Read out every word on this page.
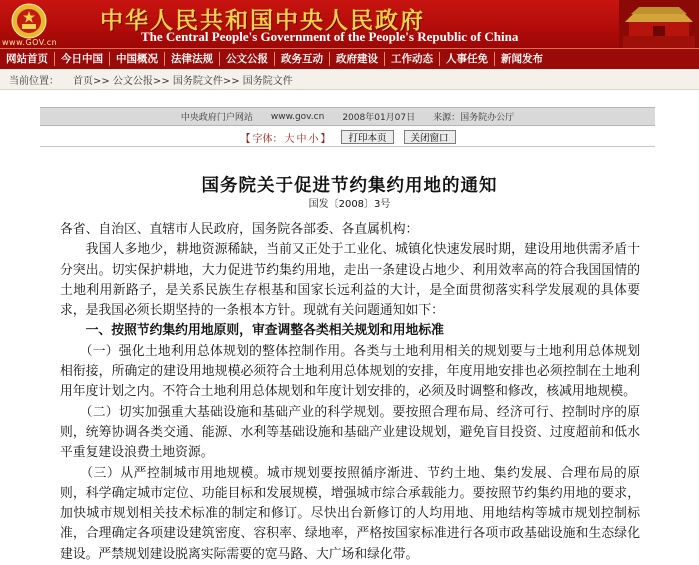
www.GOV.cn
中华人民共和国中央人民政府
The Central People's Government of the People's Republic of China
网站首页	今日中国	中国概况	法律法规	公文公报	政务互动	政府建设	工作动态	人事任免	新闻发布
当前位置： 首页>> 公文公报>> 国务院文件>> 国务院文件
中央政府门户网站 www.gov.cn 2008年01月07日 来源：国务院办公厅
【 字体： 大 中 小 】	打印本页	关闭窗口
国务院关于促进节约集约用地的通知
国发〔2008〕3号

各省、自治区、直辖市人民政府，国务院各部委、各直属机构：

　　我国人多地少，耕地资源稀缺，当前又正处于工业化、城镇化快速发展时期，建设用地供需矛盾十分突出。切实保护耕地，大力促进节约集约用地，走出一条建设占地少、利用效率高的符合我国国情的土地利用新路子，是关系民族生存根基和国家长远利益的大计，是全面贯彻落实科学发展观的具体要求，是我国必须长期坚持的一条根本方针。现就有关问题通知如下：

　　一、按照节约集约用地原则，审查调整各类相关规划和用地标准

　　（一）强化土地利用总体规划的整体控制作用。各类与土地利用相关的规划要与土地利用总体规划相衔接，所确定的建设用地规模必须符合土地利用总体规划的安排，年度用地安排也必须控制在土地利用年度计划之内。不符合土地利用总体规划和年度计划安排的，必须及时调整和修改，核减用地规模。

　　（二）切实加强重大基础设施和基础产业的科学规划。要按照合理布局、经济可行、控制时序的原则，统筹协调各类交通、能源、水利等基础设施和基础产业建设规划，避免盲目投资、过度超前和低水平重复建设浪费土地资源。

　　（三）从严控制城市用地规模。城市规划要按照循序渐进、节约土地、集约发展、合理布局的原则，科学确定城市定位、功能目标和发展规模，增强城市综合承载能力。要按照节约集约用地的要求，加快城市规划相关技术标准的制定和修订。尽快出台新修订的人均用地、用地结构等城市规划控制标准，合理确定各项建设建筑密度、容积率、绿地率，严格按国家标准进行各项市政基础设施和生态绿化建设。严禁规划建设脱离实际需要的宽马路、大广场和绿化带。
